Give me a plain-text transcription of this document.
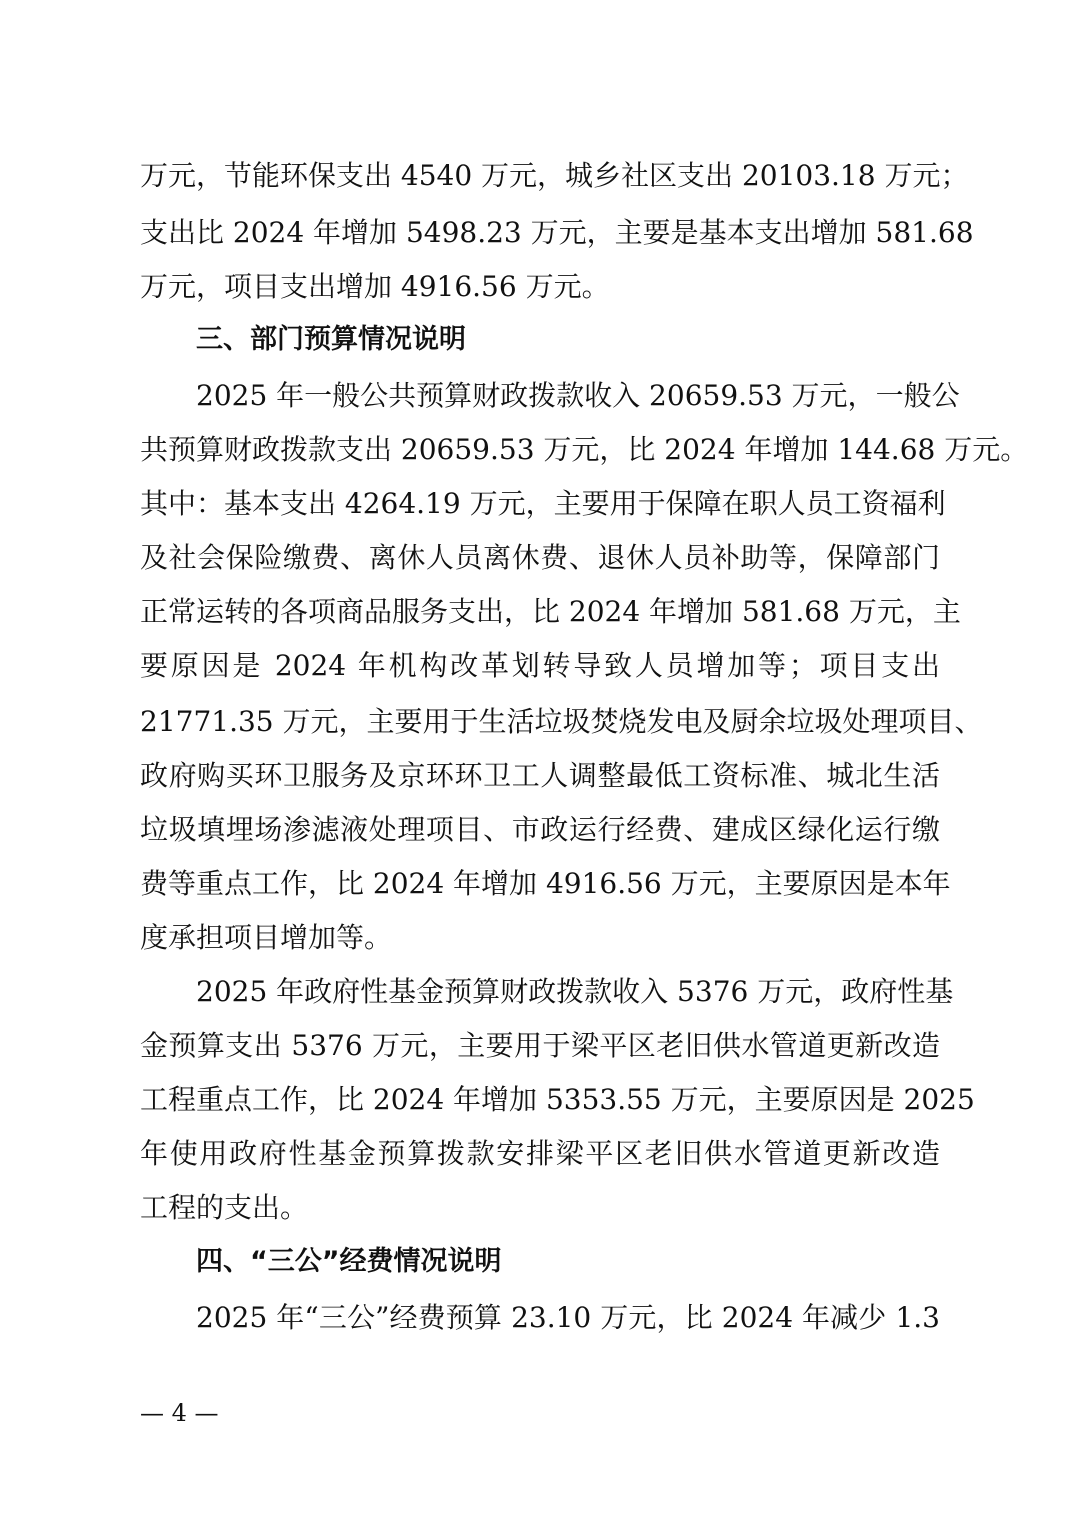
万元，节能环保支出 4540 万元，城乡社区支出 20103.18 万元；
支出比 2024 年增加 5498.23 万元，主要是基本支出增加 581.68
万元，项目支出增加 4916.56 万元。
三、部门预算情况说明
2025 年一般公共预算财政拨款收入 20659.53 万元，一般公
共预算财政拨款支出 20659.53 万元，比 2024 年增加 144.68 万元。
其中：基本支出 4264.19 万元，主要用于保障在职人员工资福利
及社会保险缴费、离休人员离休费、退休人员补助等，保障部门
正常运转的各项商品服务支出，比 2024 年增加 581.68 万元，主
要原因是 2024 年机构改革划转导致人员增加等；项目支出
21771.35 万元，主要用于生活垃圾焚烧发电及厨余垃圾处理项目、
政府购买环卫服务及京环环卫工人调整最低工资标准、城北生活
垃圾填埋场渗滤液处理项目、市政运行经费、建成区绿化运行缴
费等重点工作，比 2024 年增加 4916.56 万元，主要原因是本年
度承担项目增加等。
2025 年政府性基金预算财政拨款收入 5376 万元，政府性基
金预算支出 5376 万元，主要用于梁平区老旧供水管道更新改造
工程重点工作，比 2024 年增加 5353.55 万元，主要原因是 2025
年使用政府性基金预算拨款安排梁平区老旧供水管道更新改造
工程的支出。
四、“三公”经费情况说明
2025 年“三公”经费预算 23.10 万元，比 2024 年减少 1.3
— 4 —
